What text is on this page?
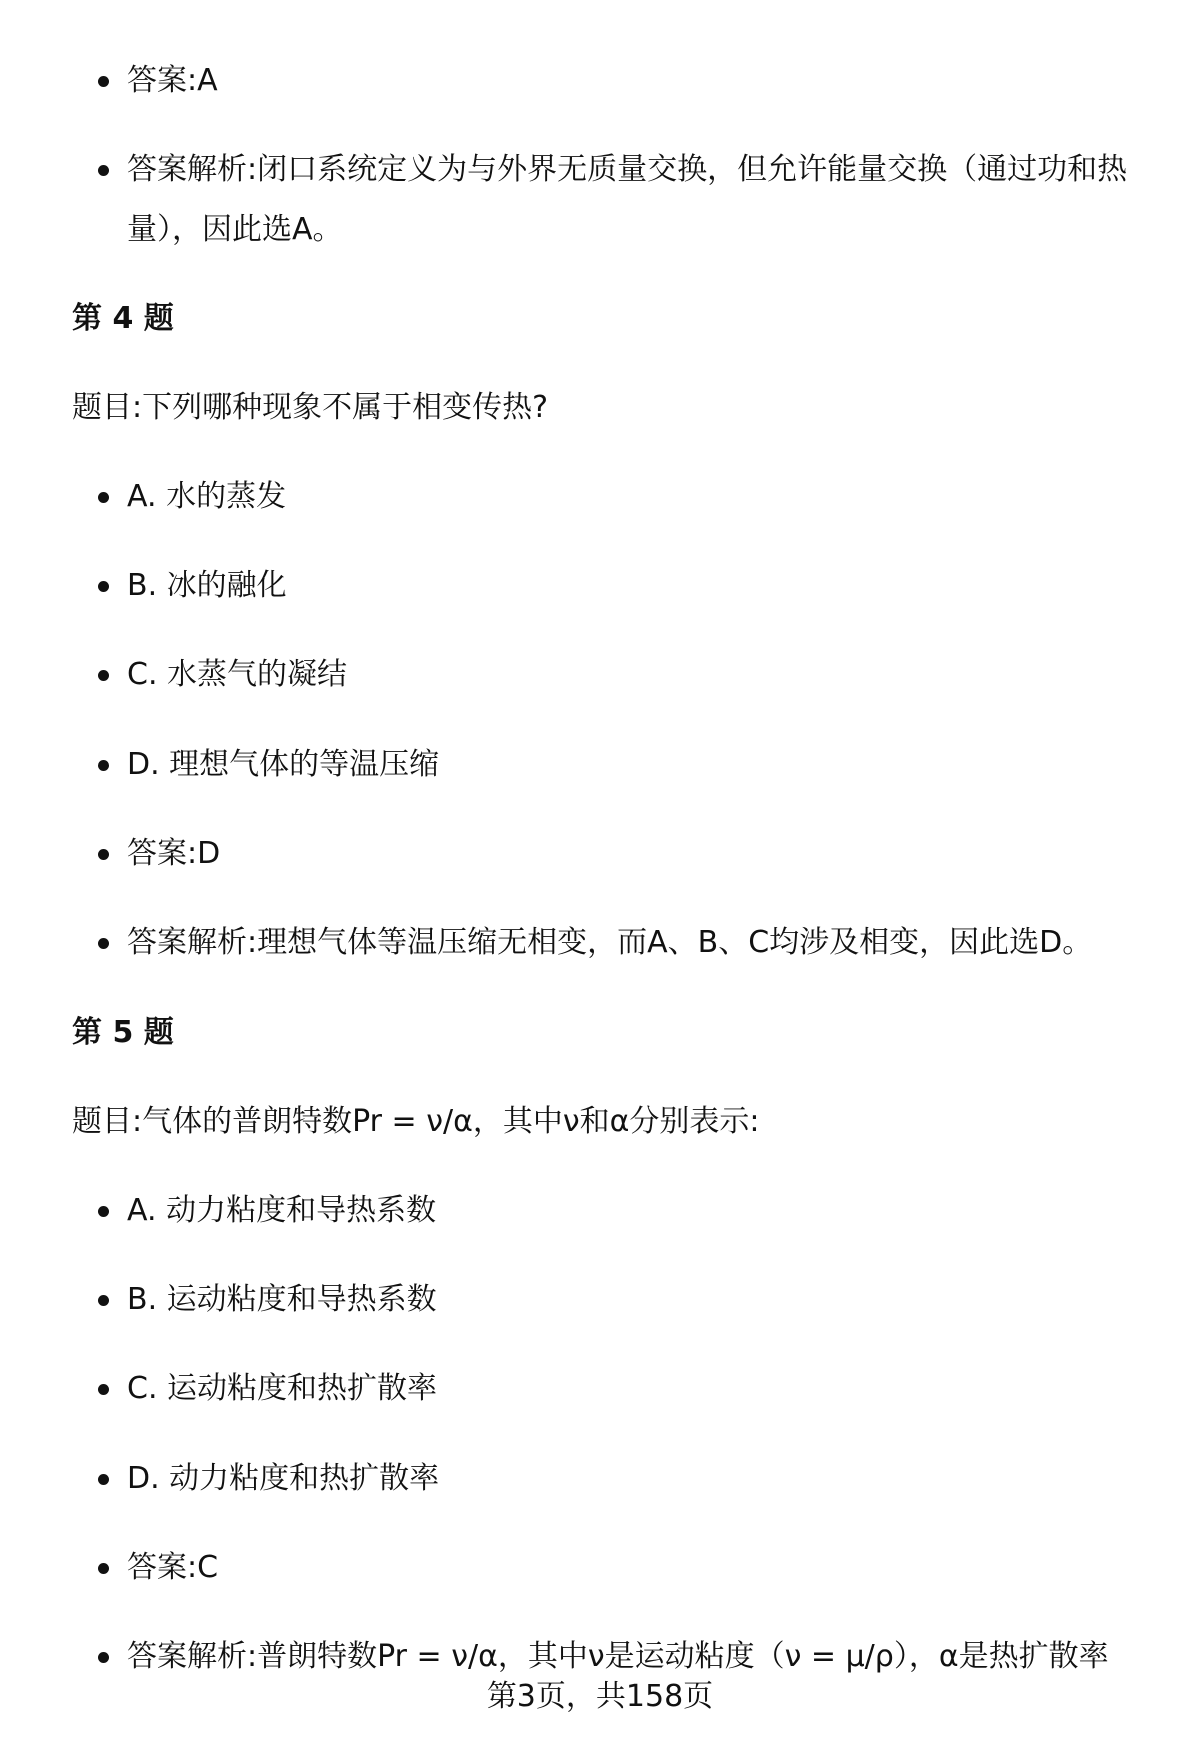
答案:A
答案解析:闭口系统定义为与外界无质量交换，但允许能量交换（通过功和热
量），因此选A。
第 4 题
题目:下列哪种现象不属于相变传热?
A. 水的蒸发
B. 冰的融化
C. 水蒸气的凝结
D. 理想气体的等温压缩
答案:D
答案解析:理想气体等温压缩无相变，而A、B、C均涉及相变，因此选D。
第 5 题
题目:气体的普朗特数Pr = ν/α，其中ν和α分别表示:
A. 动力粘度和导热系数
B. 运动粘度和导热系数
C. 运动粘度和热扩散率
D. 动力粘度和热扩散率
答案:C
答案解析:普朗特数Pr = ν/α，其中ν是运动粘度（ν = μ/ρ），α是热扩散率
第3页，共158页
